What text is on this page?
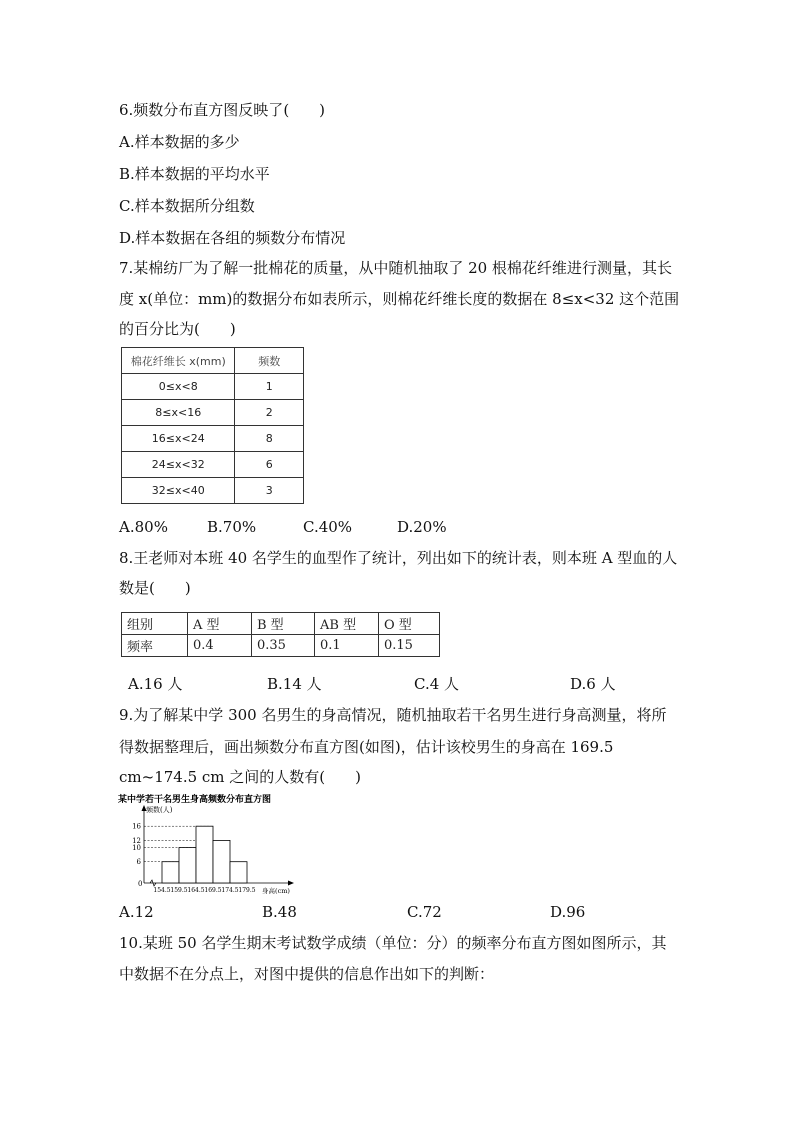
6.频数分布直方图反映了(　　)
A.样本数据的多少
B.样本数据的平均水平
C.样本数据所分组数
D.样本数据在各组的频数分布情况
7.某棉纺厂为了解一批棉花的质量，从中随机抽取了 20 根棉花纤维进行测量，其长
度 x(单位：mm)的数据分布如表所示，则棉花纤维长度的数据在 8≤x<32 这个范围
的百分比为(　　)
棉花纤维长 x(mm)	频数
0≤x<8	1
8≤x<16	2
16≤x<24	8
24≤x<32	6
32≤x<40	3
A.80%	B.70%	C.40%	D.20%
8.王老师对本班 40 名学生的血型作了统计，列出如下的统计表，则本班 A 型血的人
数是(　　)
组别	A 型	B 型	AB 型	O 型
频率	0.4	0.35	0.1	0.15
A.16 人	B.14 人	C.4 人	D.6 人
9.为了解某中学 300 名男生的身高情况，随机抽取若干名男生进行身高测量，将所
得数据整理后，画出频数分布直方图(如图)，估计该校男生的身高在 169.5
cm~174.5 cm 之间的人数有(　　)
某中学若干名男生身高频数分布直方图
频数(人)
0
6
10
12
16
154.5 159.5 164.5 169.5 174.5 179.5 身高(cm)
A.12	B.48	C.72	D.96
10.某班 50 名学生期末考试数学成绩（单位：分）的频率分布直方图如图所示，其
中数据不在分点上，对图中提供的信息作出如下的判断：
